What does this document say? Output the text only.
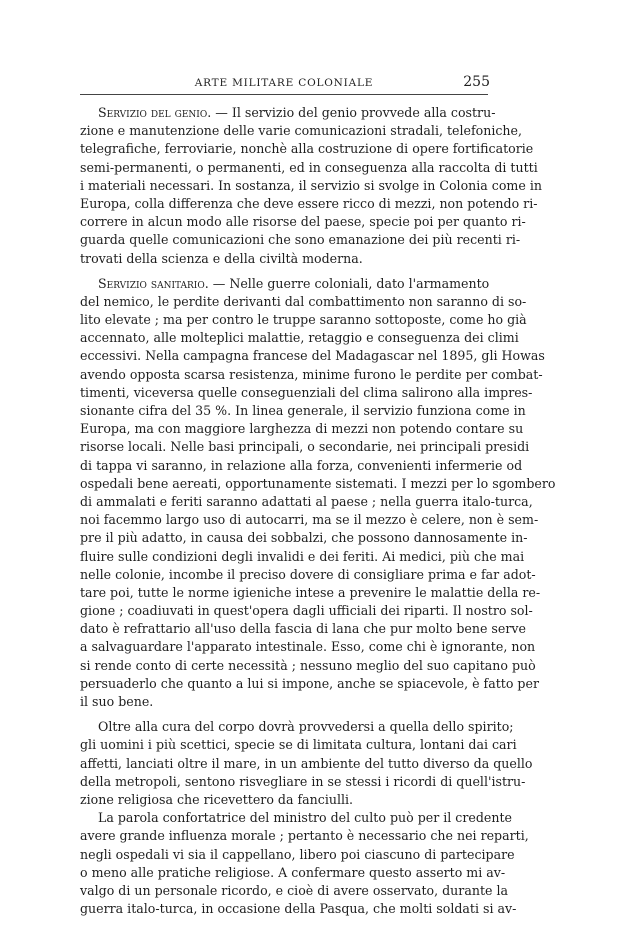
ARTE MILITARE COLONIALE	255
Servizio del genio. — Il servizio del genio provvede alla costru-
zione e manutenzione delle varie comunicazioni stradali, telefoniche,
telegrafiche, ferroviarie, nonchè alla costruzione di opere fortificatorie
semi-permanenti, o permanenti, ed in conseguenza alla raccolta di tutti
i materiali necessari. In sostanza, il servizio si svolge in Colonia come in
Europa, colla differenza che deve essere ricco di mezzi, non potendo ri-
correre in alcun modo alle risorse del paese, specie poi per quanto ri-
guarda quelle comunicazioni che sono emanazione dei più recenti ri-
trovati della scienza e della civiltà moderna.
Servizio sanitario. — Nelle guerre coloniali, dato l'armamento
del nemico, le perdite derivanti dal combattimento non saranno di so-
lito elevate ; ma per contro le truppe saranno sottoposte, come ho già
accennato, alle molteplici malattie, retaggio e conseguenza dei climi
eccessivi. Nella campagna francese del Madagascar nel 1895, gli Howas
avendo opposta scarsa resistenza, minime furono le perdite per combat-
timenti, viceversa quelle conseguenziali del clima salirono alla impres-
sionante cifra del 35 %. In linea generale, il servizio funziona come in
Europa, ma con maggiore larghezza di mezzi non potendo contare su
risorse locali. Nelle basi principali, o secondarie, nei principali presidi
di tappa vi saranno, in relazione alla forza, convenienti infermerie od
ospedali bene aereati, opportunamente sistemati. I mezzi per lo sgombero
di ammalati e feriti saranno adattati al paese ; nella guerra italo-turca,
noi facemmo largo uso di autocarri, ma se il mezzo è celere, non è sem-
pre il più adatto, in causa dei sobbalzi, che possono dannosamente in-
fluire sulle condizioni degli invalidi e dei feriti. Ai medici, più che mai
nelle colonie, incombe il preciso dovere di consigliare prima e far adot-
tare poi, tutte le norme igieniche intese a prevenire le malattie della re-
gione ; coadiuvati in quest'opera dagli ufficiali dei riparti. Il nostro sol-
dato è refrattario all'uso della fascia di lana che pur molto bene serve
a salvaguardare l'apparato intestinale. Esso, come chi è ignorante, non
si rende conto di certe necessità ; nessuno meglio del suo capitano può
persuaderlo che quanto a lui si impone, anche se spiacevole, è fatto per
il suo bene.
Oltre alla cura del corpo dovrà provvedersi a quella dello spirito;
gli uomini i più scettici, specie se di limitata cultura, lontani dai cari
affetti, lanciati oltre il mare, in un ambiente del tutto diverso da quello
della metropoli, sentono risvegliare in se stessi i ricordi di quell'istru-
zione religiosa che ricevettero da fanciulli.
La parola confortatrice del ministro del culto può per il credente
avere grande influenza morale ; pertanto è necessario che nei reparti,
negli ospedali vi sia il cappellano, libero poi ciascuno di partecipare
o meno alle pratiche religiose. A confermare questo asserto mi av-
valgo di un personale ricordo, e cioè di avere osservato, durante la
guerra italo-turca, in occasione della Pasqua, che molti soldati si av-
